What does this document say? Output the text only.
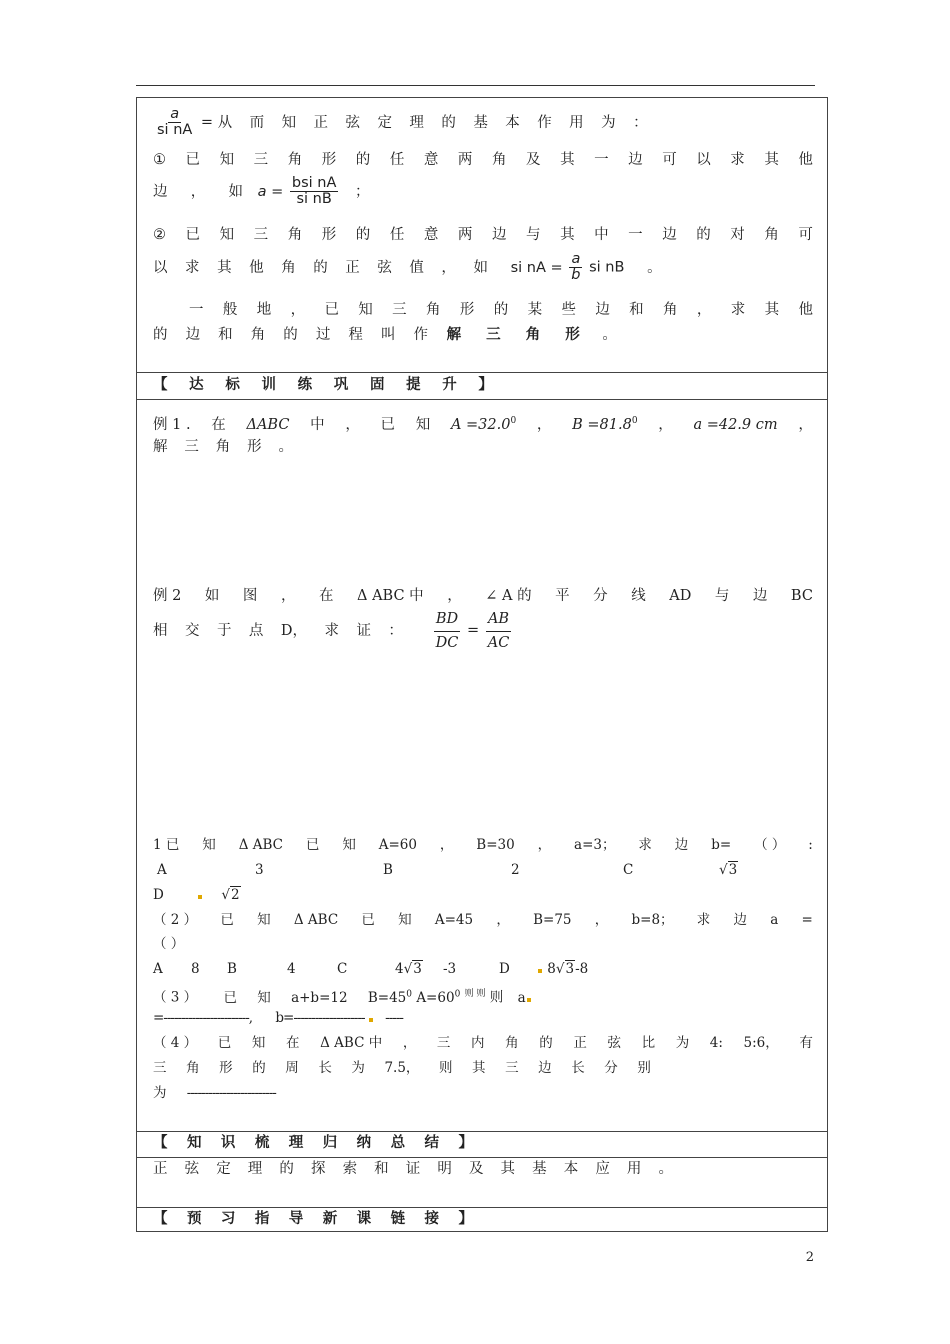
$\frac{a}{\text{si nA}}$ = 从 而 知 正 弦 定 理 的 基 本 作 用 为 ：
① 已 知 三 角 形 的 任 意 两 角 及 其 一 边 可 以 求 其 他
边 ， 如 $a = \frac{\text{bsi nA}}{\text{si nB}}$ ；
② 已 知 三 角 形 的 任 意 两 边 与 其 中 一 边 的 对 角 可
以 求 其 他 角 的 正 弦 值 ， 如 si nA = $\frac{a}{b}$ si nB 。
一 般 地 ， 已 知 三 角 形 的 某 些 边 和 角 ， 求 其 他
的 边 和 角 的 过 程 叫 作 解 三 角 形 。
【 达 标 训 练 巩 固 提 升 】
例 1 . 在 ΔABC 中 ， 已 知 $A =32.0^0$ ， $B =81.8^0$ ， a =42.9 cm ，
解 三 角 形 。
例 2 如 图 ， 在 Δ ABC 中 ， ∠ A 的 平 分 线 AD 与 边 BC
相 交 于 点 D， 求 证 ：
$\frac{BD}{DC} = \frac{AB}{AC}$
1 已 知 Δ ABC 已 知 A=60 ， B=30 ， a=3； 求 边 b= （ ） :
A	3	B	2	C	√3
D	√2
（ 2 ） 已 知 Δ ABC 已 知 A=45 ， B=75 ， b=8； 求 边 a =
（ ）
A 8 B	4	C	4√3 -3	D	8√3-8
（ 3 ） 已 知 a+b=12 $B=45^0$ $A=60^0$ $^{则 则}$ 则 a
=------------------------, b=-------------------- -----
（ 4 ） 已 知 在 Δ ABC 中 ， 三 内 角 的 正 弦 比 为 4: 5:6， 有
三 角 形 的 周 长 为 7.5， 则 其 三 边 长 分 别
为 -------------------------
【 知 识 梳 理 归 纳 总 结 】
正 弦 定 理 的 探 索 和 证 明 及 其 基 本 应 用 。
【 预 习 指 导 新 课 链 接 】
2
